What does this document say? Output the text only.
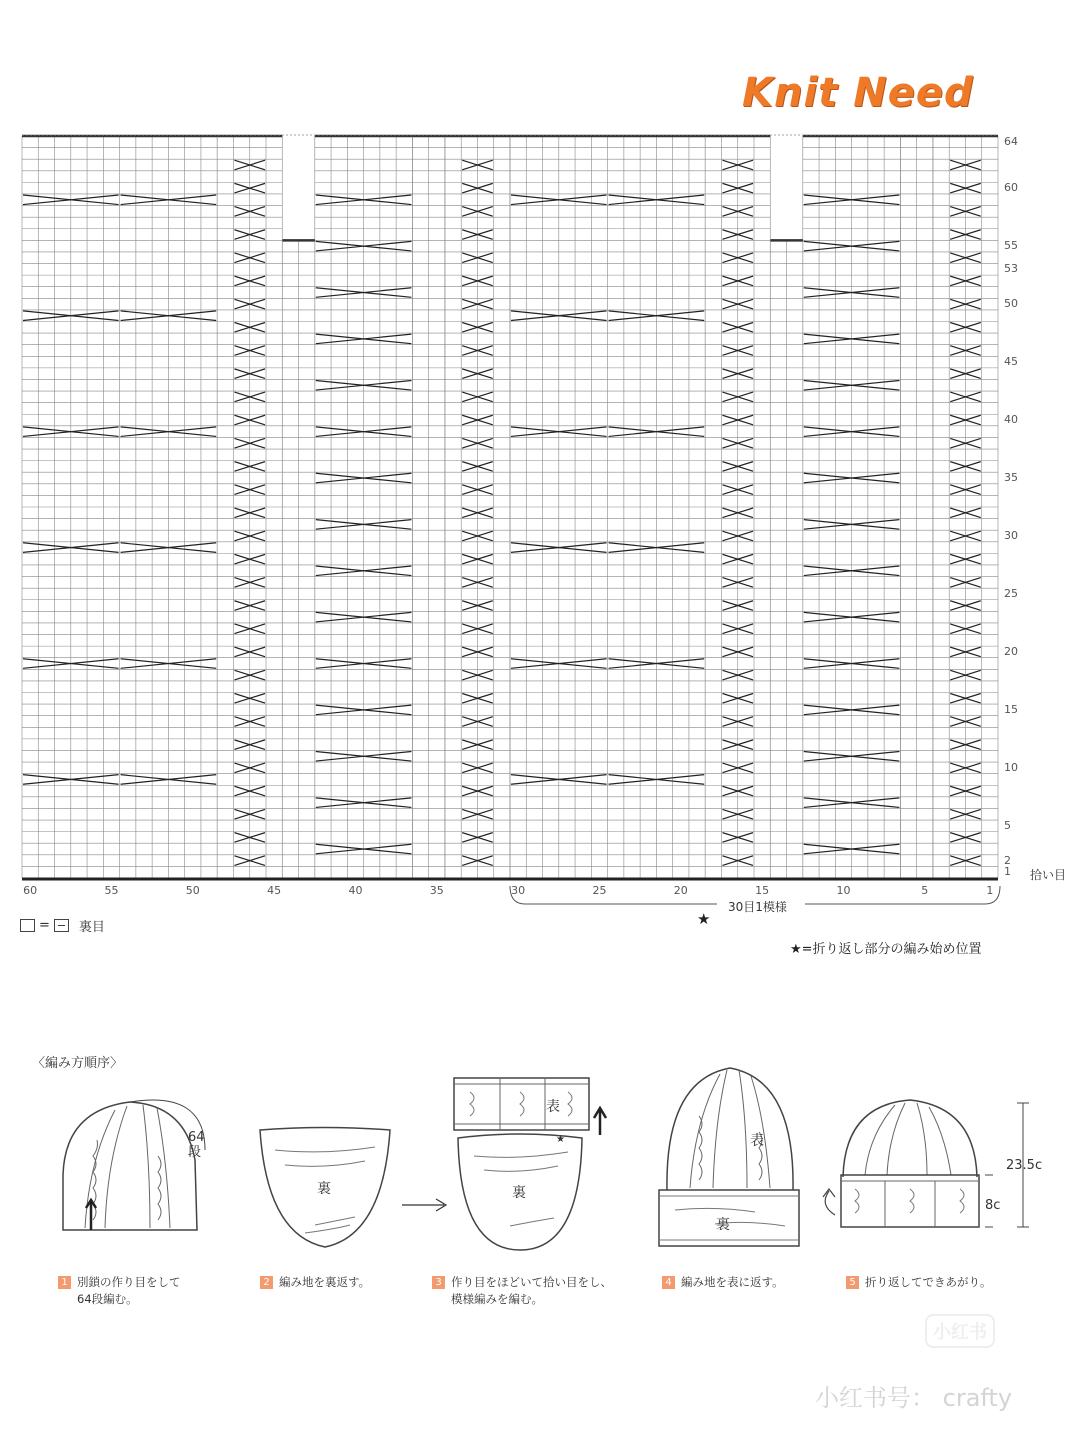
Knit Need
64
60
55
53
50
45
40
35
30
25
20
15
10
5
2
1
60	55	50	45	40	35	30	25	20	15	10	5	1
拾い目
30目1模様
★
= 裏目
★=折り返し部分の編み始め位置
〈編み方順序〉
64段
裏
表
裏
★	表
裏
23.5c
8c
1 別鎖の作り目をして
64段編む。
2 編み地を裏返す。	3 作り目をほどいて拾い目をし、
模様編みを編む。
4 編み地を表に返す。	5 折り返してできあがり。
小红书
小红书号： crafty
